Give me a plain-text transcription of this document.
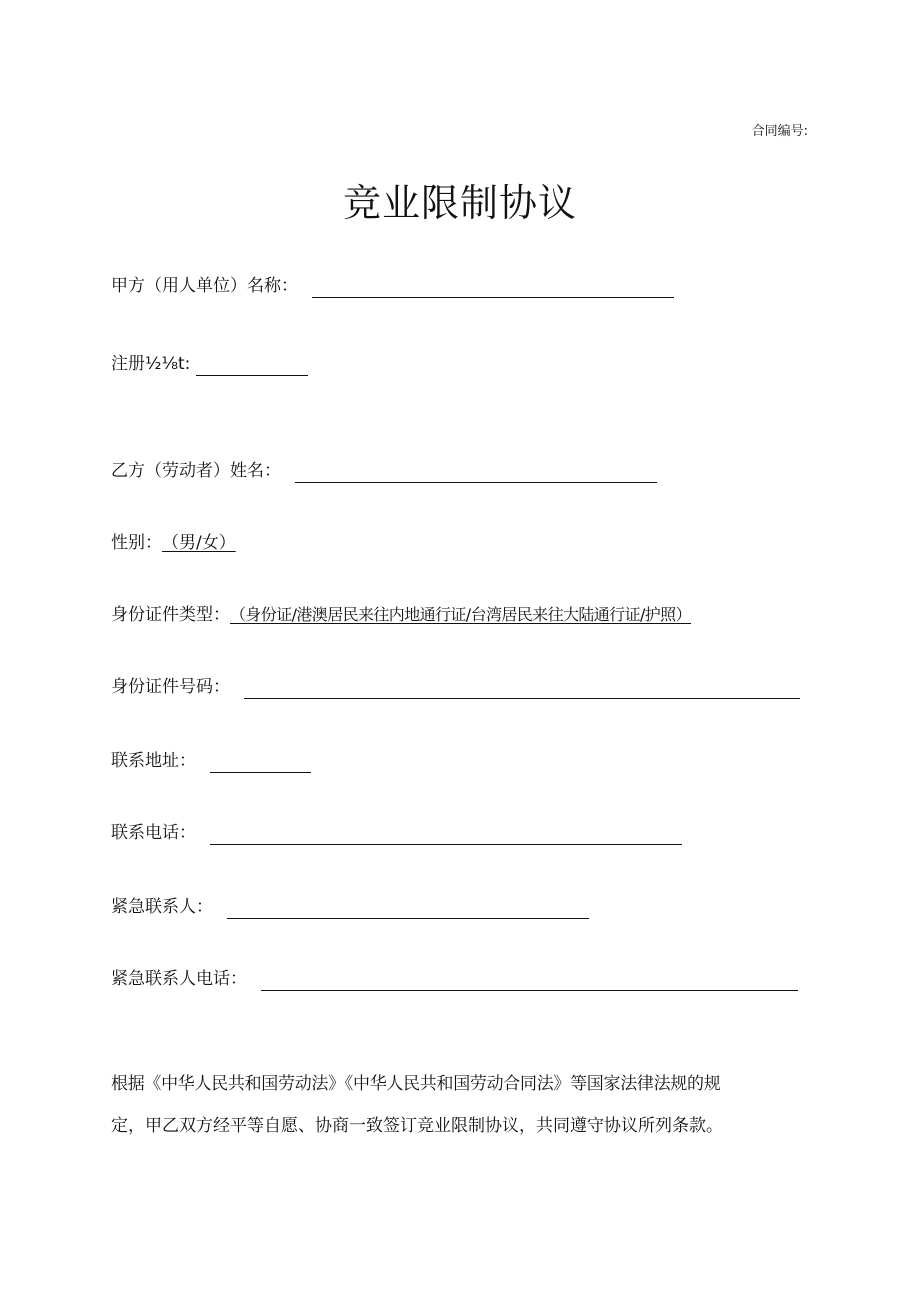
合同编号:
竞业限制协议
甲方（用人单位）名称：
注册 ½⅛t:
乙方（劳动者）姓名：
性别： （男/女）
身份证件类型： （身份证/港澳居民来往内地通行证/台湾居民来往大陆通行证/护照）
身份证件号码：
联系地址：
联系电话：
紧急联系人：
紧急联系人电话：
根据《中华人民共和国劳动法》《中华人民共和国劳动合同法》等国家法律法规的规
定，甲乙双方经平等自愿、协商一致签订竞业限制协议，共同遵守协议所列条款。
